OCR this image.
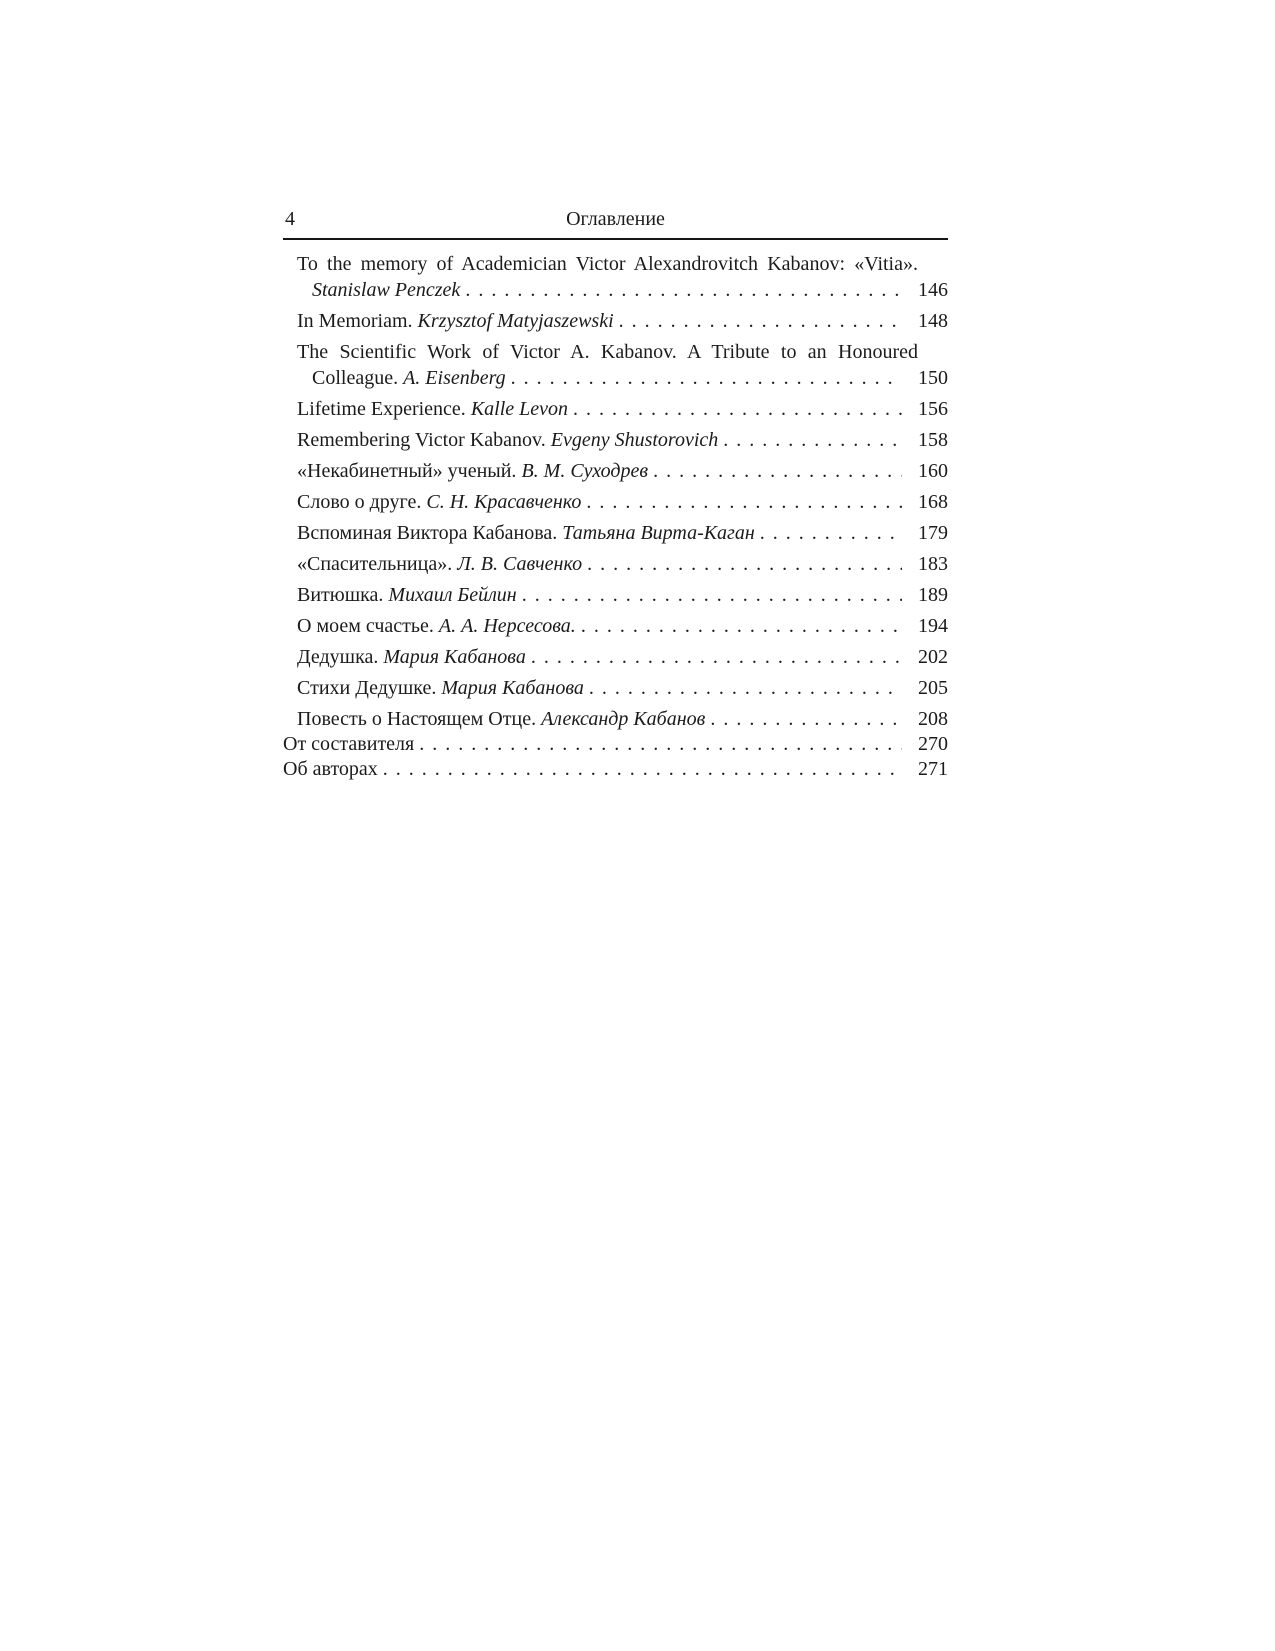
4	Оглавление
To the memory of Academician Victor Alexandrovitch Kabanov: «Vitia».
Stanislaw Penczek .....	146
In Memoriam. Krzysztof Matyjaszewski .....	148
The Scientific Work of Victor A. Kabanov. A Tribute to an Honoured
Colleague. A. Eisenberg .....	150
Lifetime Experience. Kalle Levon .....	156
Remembering Victor Kabanov. Evgeny Shustorovich .....	158
«Некабинетный» ученый. В. М. Суходрев .....	160
Слово о друге. С. Н. Красавченко .....	168
Вспоминая Виктора Кабанова. Татьяна Вирта-Каган .....	179
«Спасительница». Л. В. Савченко .....	183
Витюшка. Михаил Бейлин .....	189
О моем счастье. А. А. Нерсесова. .....	194
Дедушка. Мария Кабанова .....	202
Стихи Дедушке. Мария Кабанова .....	205
Повесть о Настоящем Отце. Александр Кабанов .....	208
От составителя .....	270
Об авторах .....	271
